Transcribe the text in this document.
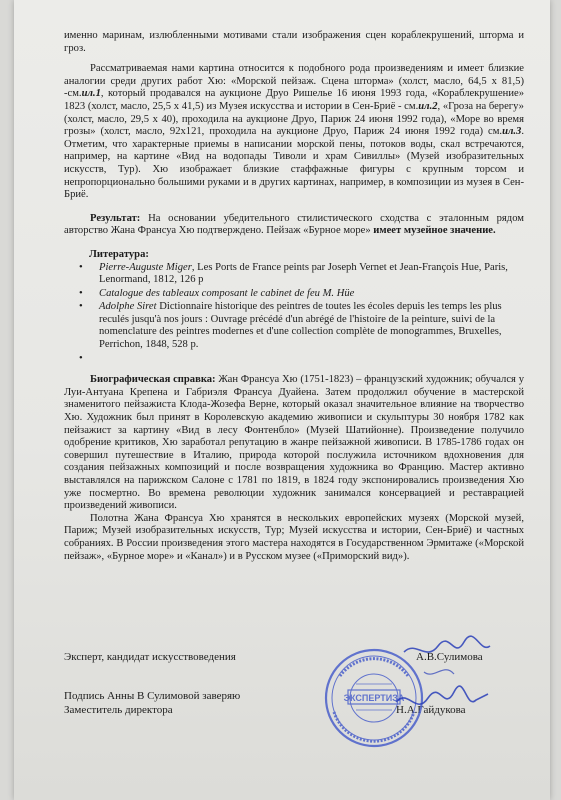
именно маринам, излюбленными мотивами стали изображения сцен кораблекрушений, шторма и гроз.

Рассматриваемая нами картина относится к подобного рода произведениям и имеет близкие аналогии среди других работ Хю: «Морской пейзаж. Сцена шторма» (холст, масло, 64,5 х 81,5) -см.ил.1, который продавался на аукционе Друо Ришелье 16 июня 1993 года, «Кораблекрушение» 1823 (холст, масло, 25,5 х 41,5) из Музея искусства и истории в Сен-Бриё - см.ил.2, «Гроза на берегу» (холст, масло, 29,5 х 40), проходила на аукционе Друо, Париж 24 июня 1992 года), «Море во время грозы» (холст, масло, 92х121, проходила на аукционе Друо, Париж 24 июня 1992 года) см.ил.3. Отметим, что характерные приемы в написании морской пены, потоков воды, скал встречаются, например, на картине «Вид на водопады Тиволи и храм Сивиллы» (Музей изобразительных искусств, Тур). Хю изображает близкие стаффажные фигуры с крупным торсом и непропорционально большими руками и в других картинах, например, в композиции из музея в Сен-Бриё.

Результат: На основании убедительного стилистического сходства с эталонным рядом авторство Жана Франсуа Хю подтверждено. Пейзаж «Бурное море» имеет музейное значение.

Литература:
• Pierre-Auguste Miger, Les Ports de France peints par Joseph Vernet et Jean-François Hue, Paris, Lenormand, 1812, 126 p
• Catalogue des tableaux composant le cabinet de feu M. Hüe
• Adolphe Siret Dictionnaire historique des peintres de toutes les écoles depuis les temps les plus reculés jusqu'à nos jours : Ouvrage précédé d'un abrégé de l'histoire de la peinture, suivi de la nomenclature des peintres modernes et d'une collection complète de monogrammes, Bruxelles, Perrichon, 1848, 528 p.
•

Биографическая справка: Жан Франсуа Хю (1751-1823) – французский художник; обучался у Луи-Антуана Крепена и Габриэля Франсуа Дуайена. Затем продолжил обучение в мастерской знаменитого пейзажиста Клода-Жозефа Верне, который оказал значительное влияние на творчество Хю. Художник был принят в Королевскую академию живописи и скульптуры 30 ноября 1782 как пейзажист за картину «Вид в лесу Фонтенбло» (Музей Шатийонне). Произведение получило одобрение критиков, Хю заработал репутацию в жанре пейзажной живописи. В 1785-1786 годах он совершил путешествие в Италию, природа которой послужила источником вдохновения для создания пейзажных композиций и после возвращения художника во Францию. Мастер активно выставлялся на парижском Салоне с 1781 по 1819, в 1824 году экспонировались произведения Хю уже посмертно. Во времена революции художник занимался консервацией и реставрацией произведений живописи.

Полотна Жана Франсуа Хю хранятся в нескольких европейских музеях (Морской музей, Париж; Музей изобразительных искусств, Тур; Музей искусства и истории, Сен-Бриё) и частных собраниях. В России произведения этого мастера находятся в Государственном Эрмитаже («Морской пейзаж», «Бурное море» и «Канал») и в Русском музее («Приморский вид»).

Эксперт, кандидат искусствоведения	А.В.Сулимова
Подпись Анны В Сулимовой заверяю
Заместитель директора	Н.А.Гайдукова
ЭКСПЕРТИЗА
